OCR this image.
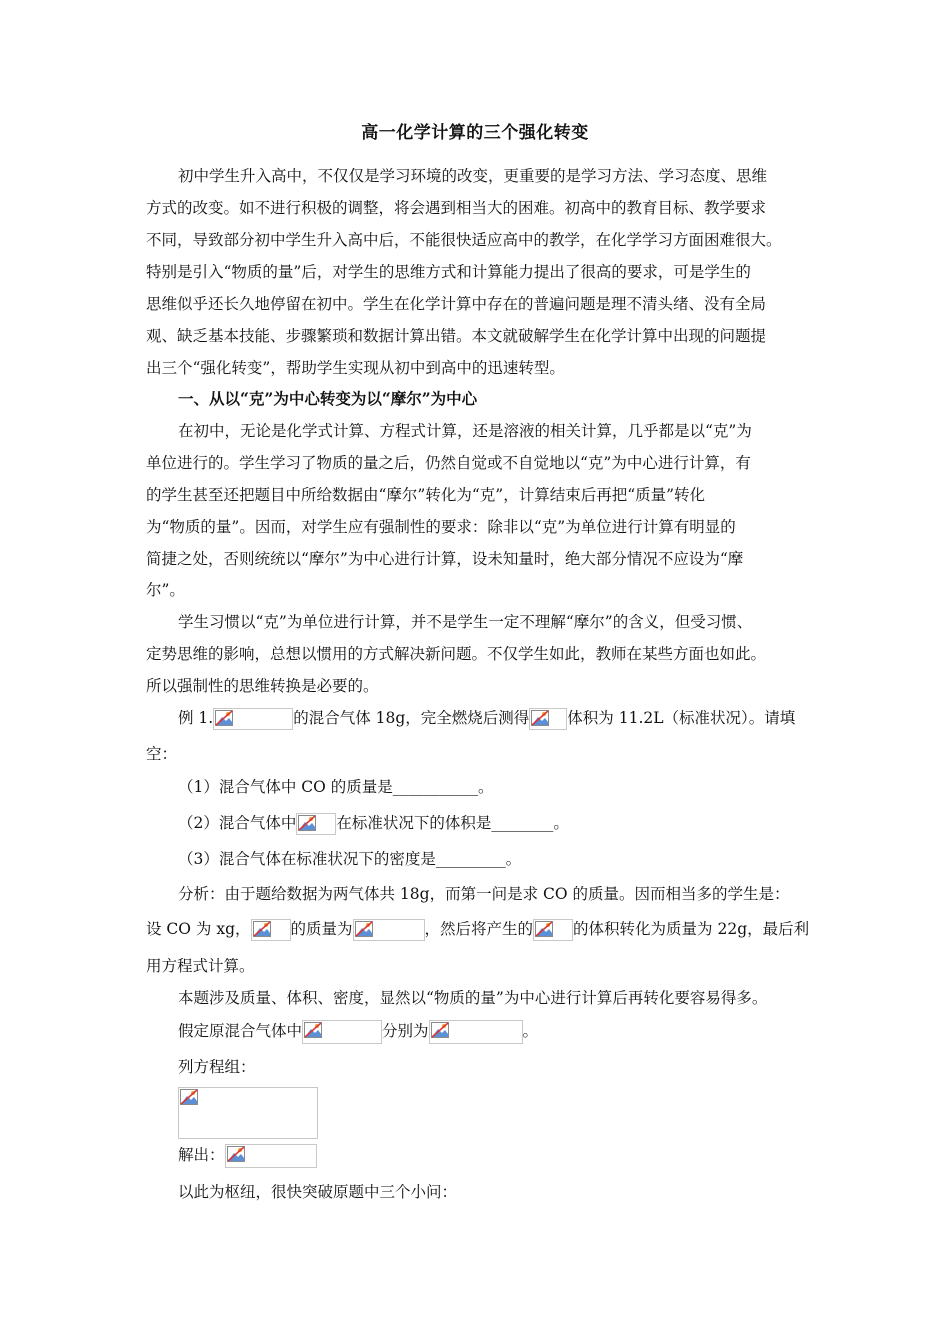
高一化学计算的三个强化转变
初中学生升入高中，不仅仅是学习环境的改变，更重要的是学习方法、学习态度、思维
方式的改变。如不进行积极的调整，将会遇到相当大的困难。初高中的教育目标、教学要求
不同，导致部分初中学生升入高中后，不能很快适应高中的教学，在化学学习方面困难很大。
特别是引入“物质的量”后，对学生的思维方式和计算能力提出了很高的要求，可是学生的
思维似乎还长久地停留在初中。学生在化学计算中存在的普遍问题是理不清头绪、没有全局
观、缺乏基本技能、步骤繁琐和数据计算出错。本文就破解学生在化学计算中出现的问题提
出三个“强化转变”，帮助学生实现从初中到高中的迅速转型。
一、从以“克”为中心转变为以“摩尔”为中心
在初中，无论是化学式计算、方程式计算，还是溶液的相关计算，几乎都是以“克”为
单位进行的。学生学习了物质的量之后，仍然自觉或不自觉地以“克”为中心进行计算，有
的学生甚至还把题目中所给数据由“摩尔”转化为“克”，计算结束后再把“质量”转化
为“物质的量”。因而，对学生应有强制性的要求：除非以“克”为单位进行计算有明显的
简捷之处，否则统统以“摩尔”为中心进行计算，设未知量时，绝大部分情况不应设为“摩
尔”。
学生习惯以“克”为单位进行计算，并不是学生一定不理解“摩尔”的含义，但受习惯、
定势思维的影响，总想以惯用的方式解决新问题。不仅学生如此，教师在某些方面也如此。
所以强制性的思维转换是必要的。
例 1.	的混合气体 18g，完全燃烧后测得 体积为 11.2L（标准状况）。请填
空：
（1）混合气体中 CO 的质量是___________。
（2）混合气体中	在标准状况下的体积是________。
（3）混合气体在标准状况下的密度是_________。
分析：由于题给数据为两气体共 18g，而第一问是求 CO 的质量。因而相当多的学生是：
设 CO 为 xg，	的质量为	，然后将产生的	的体积转化为质量为 22g，最后利
用方程式计算。
本题涉及质量、体积、密度，显然以“物质的量”为中心进行计算后再转化要容易得多。
假定原混合气体中	分别为	。
列方程组：
解出：
以此为枢纽，很快突破原题中三个小问：
